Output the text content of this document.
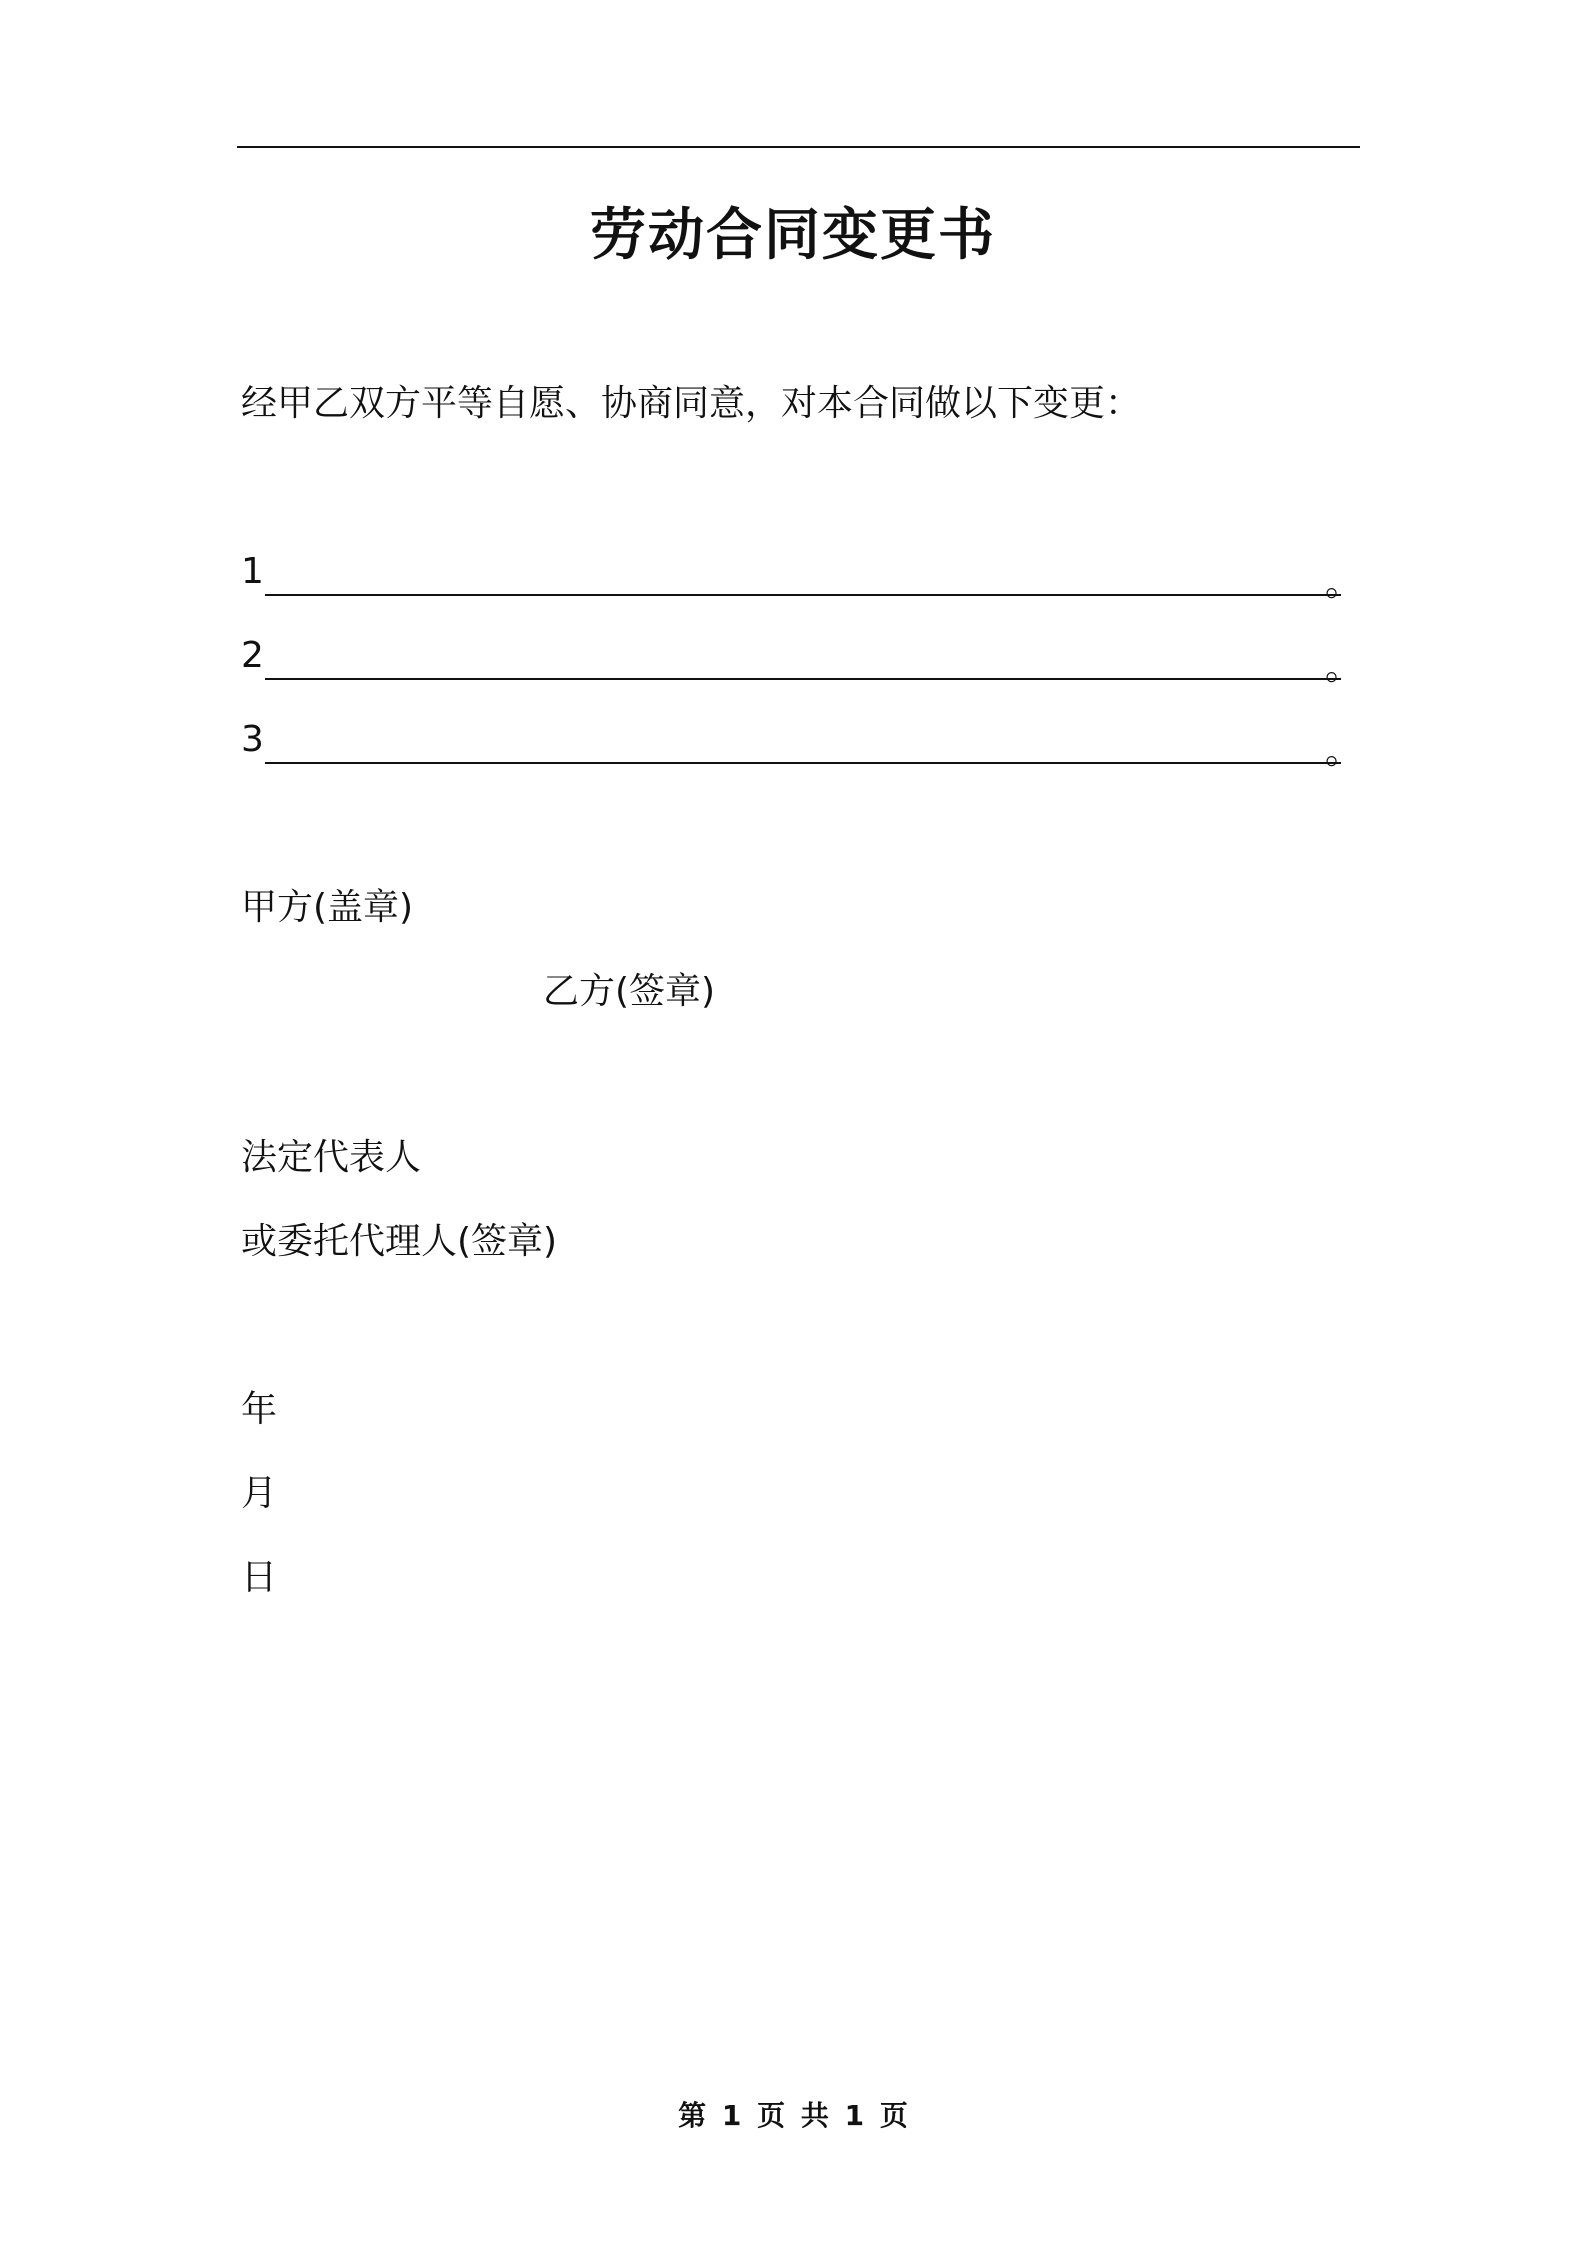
劳动合同变更书
经甲乙双方平等自愿、协商同意，对本合同做以下变更：
1	。
2	。
3	。
甲方(盖章)
乙方(签章)
法定代表人
或委托代理人(签章)
年
月
日
第 1 页 共 1 页
